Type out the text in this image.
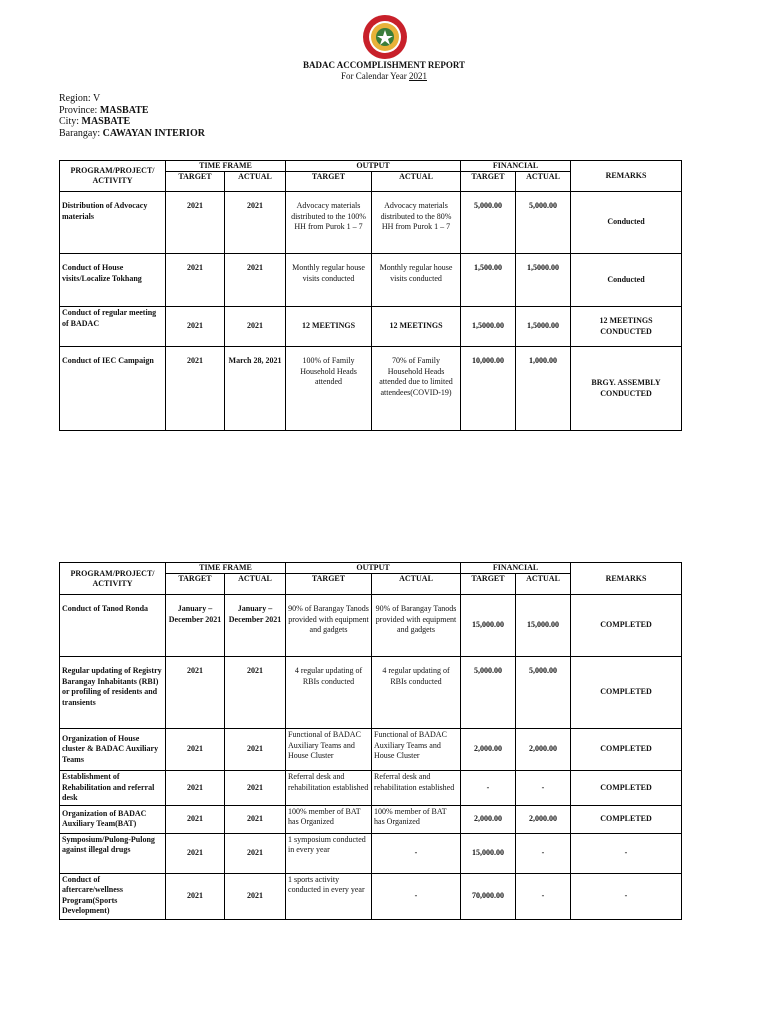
BADAC ACCOMPLISHMENT REPORT
For Calendar Year 2021
Region: V
Province: MASBATE
City: MASBATE
Barangay: CAWAYAN INTERIOR
PROGRAM/PROJECT/ ACTIVITY	TIME FRAME		OUTPUT		FINANCIAL		REMARKS
	TARGET	ACTUAL	TARGET	ACTUAL	TARGET	ACTUAL	
Distribution of Advocacy materials	2021	2021	Advocacy materials distributed to the 100% HH from Purok 1 – 7	Advocacy materials distributed to the 80% HH from Purok 1 – 7	5,000.00	5,000.00	Conducted
Conduct of House visits/Localize Tokhang	2021	2021	Monthly regular house visits conducted	Monthly regular house visits conducted	1,500.00	1,5000.00	Conducted
Conduct of regular meeting of BADAC	2021	2021	12 MEETINGS	12 MEETINGS	1,5000.00	1,5000.00	12 MEETINGS CONDUCTED
Conduct of IEC Campaign	2021	March 28, 2021	100% of Family Household Heads attended	70% of Family Household Heads attended due to limited attendees(COVID-19)	10,000.00	1,000.00	BRGY. ASSEMBLY CONDUCTED
PROGRAM/PROJECT/ ACTIVITY	TIME FRAME		OUTPUT		FINANCIAL		REMARKS
	TARGET	ACTUAL	TARGET	ACTUAL	TARGET	ACTUAL	
Conduct of Tanod Ronda	January – December 2021	January – December 2021	90% of Barangay Tanods provided with equipment and gadgets	90% of Barangay Tanods provided with equipment and gadgets	15,000.00	15,000.00	COMPLETED
Regular updating of Registry Barangay Inhabitants (RBI) or profiling of residents and transients	2021	2021	4 regular updating of RBIs conducted	4 regular updating of RBIs conducted	5,000.00	5,000.00	COMPLETED
Organization of House cluster & BADAC Auxiliary Teams	2021	2021	Functional of BADAC Auxiliary Teams and House Cluster	Functional of BADAC Auxiliary Teams and House Cluster	2,000.00	2,000.00	COMPLETED
Establishment of Rehabilitation and referral desk	2021	2021	Referral desk and rehabilitation established	Referral desk and rehabilitation established	-	-	COMPLETED
Organization of BADAC Auxiliary Team(BAT)	2021	2021	100% member of BAT has Organized	100% member of BAT has Organized	2,000.00	2,000.00	COMPLETED
Symposium/Pulong-Pulong against illegal drugs	2021	2021	1 symposium conducted in every year	-	15,000.00	-	-
Conduct of aftercare/wellness Program(Sports Development)	2021	2021	1 sports activity conducted in every year	-	70,000.00	-	-
